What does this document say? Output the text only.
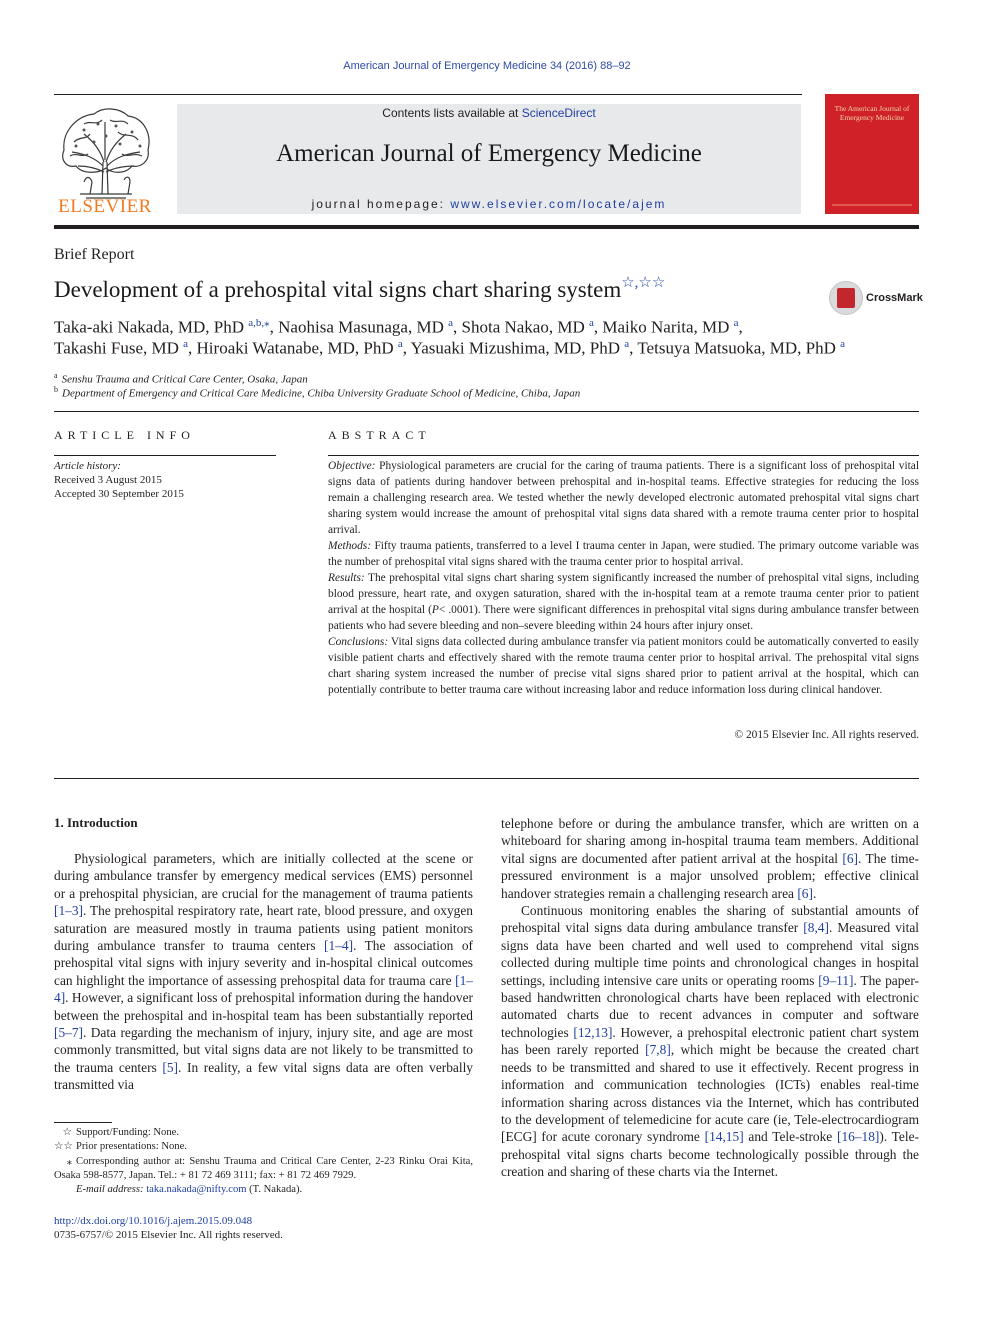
American Journal of Emergency Medicine 34 (2016) 88–92
ELSEVIER
Contents lists available at ScienceDirect
American Journal of Emergency Medicine
journal homepage: www.elsevier.com/locate/ajem
The American Journal of Emergency Medicine
Brief Report
Development of a prehospital vital signs chart sharing system☆,☆☆
CrossMark
Taka-aki Nakada, MD, PhD $^{a,b,⁎}$, Naohisa Masunaga, MD $^a$, Shota Nakao, MD $^a$, Maiko Narita, MD $^a$,
Takashi Fuse, MD $^a$, Hiroaki Watanabe, MD, PhD $^a$, Yasuaki Mizushima, MD, PhD $^a$, Tetsuya Matsuoka, MD, PhD $^a$
$^a$ Senshu Trauma and Critical Care Center, Osaka, Japan
$^b$ Department of Emergency and Critical Care Medicine, Chiba University Graduate School of Medicine, Chiba, Japan
ARTICLE INFO	ABSTRACT
Article history:
Received 3 August 2015
Accepted 30 September 2015

Objective: Physiological parameters are crucial for the caring of trauma patients. There is a significant loss of prehospital vital signs data of patients during handover between prehospital and in-hospital teams. Effective strategies for reducing the loss remain a challenging research area. We tested whether the newly developed electronic automated prehospital vital signs chart sharing system would increase the amount of prehospital vital signs data shared with a remote trauma center prior to hospital arrival.

Methods: Fifty trauma patients, transferred to a level I trauma center in Japan, were studied. The primary outcome variable was the number of prehospital vital signs shared with the trauma center prior to hospital arrival.

Results: The prehospital vital signs chart sharing system significantly increased the number of prehospital vital signs, including blood pressure, heart rate, and oxygen saturation, shared with the in-hospital team at a remote trauma center prior to patient arrival at the hospital (P< .0001). There were significant differences in prehospital vital signs during ambulance transfer between patients who had severe bleeding and non–severe bleeding within 24 hours after injury onset.

Conclusions: Vital signs data collected during ambulance transfer via patient monitors could be automatically converted to easily visible patient charts and effectively shared with the remote trauma center prior to hospital arrival. The prehospital vital signs chart sharing system increased the number of precise vital signs shared prior to patient arrival at the hospital, which can potentially contribute to better trauma care without increasing labor and reduce information loss during clinical handover.

© 2015 Elsevier Inc. All rights reserved.
1. Introduction

Physiological parameters, which are initially collected at the scene or during ambulance transfer by emergency medical services (EMS) personnel or a prehospital physician, are crucial for the management of trauma patients [1–3]. The prehospital respiratory rate, heart rate, blood pressure, and oxygen saturation are measured mostly in trauma patients using patient monitors during ambulance transfer to trauma centers [1–4]. The association of prehospital vital signs with injury severity and in-hospital clinical outcomes can highlight the importance of assessing prehospital data for trauma care [1–4]. However, a significant loss of prehospital information during the handover between the prehospital and in-hospital team has been substantially reported [5–7]. Data regarding the mechanism of injury, injury site, and age are most commonly transmitted, but vital signs data are not likely to be transmitted to the trauma centers [5]. In reality, a few vital signs data are often verbally transmitted via

telephone before or during the ambulance transfer, which are written on a whiteboard for sharing among in-hospital trauma team members. Additional vital signs are documented after patient arrival at the hospital [6]. The time-pressured environment is a major unsolved problem; effective clinical handover strategies remain a challenging research area [6].

Continuous monitoring enables the sharing of substantial amounts of prehospital vital signs data during ambulance transfer [8,4]. Measured vital signs data have been charted and well used to comprehend vital signs collected during multiple time points and chronological changes in hospital settings, including intensive care units or operating rooms [9–11]. The paper-based handwritten chronological charts have been replaced with electronic automated charts due to recent advances in computer and software technologies [12,13]. However, a prehospital electronic patient chart system has been rarely reported [7,8], which might be because the created chart needs to be transmitted and shared to use it effectively. Recent progress in information and communication technologies (ICTs) enables real-time information sharing across distances via the Internet, which has contributed to the development of telemedicine for acute care (ie, Tele-electrocardiogram [ECG] for acute coronary syndrome [14,15] and Tele-stroke [16–18]). Tele-prehospital vital signs charts become technologically possible through the creation and sharing of these charts via the Internet.

☆ Support/Funding: None.

☆☆ Prior presentations: None.

⁎ Corresponding author at: Senshu Trauma and Critical Care Center, 2-23 Rinku Orai Kita, Osaka 598-8577, Japan. Tel.: + 81 72 469 3111; fax: + 81 72 469 7929.

E-mail address: taka.nakada@nifty.com (T. Nakada).

http://dx.doi.org/10.1016/j.ajem.2015.09.048
0735-6757/© 2015 Elsevier Inc. All rights reserved.
